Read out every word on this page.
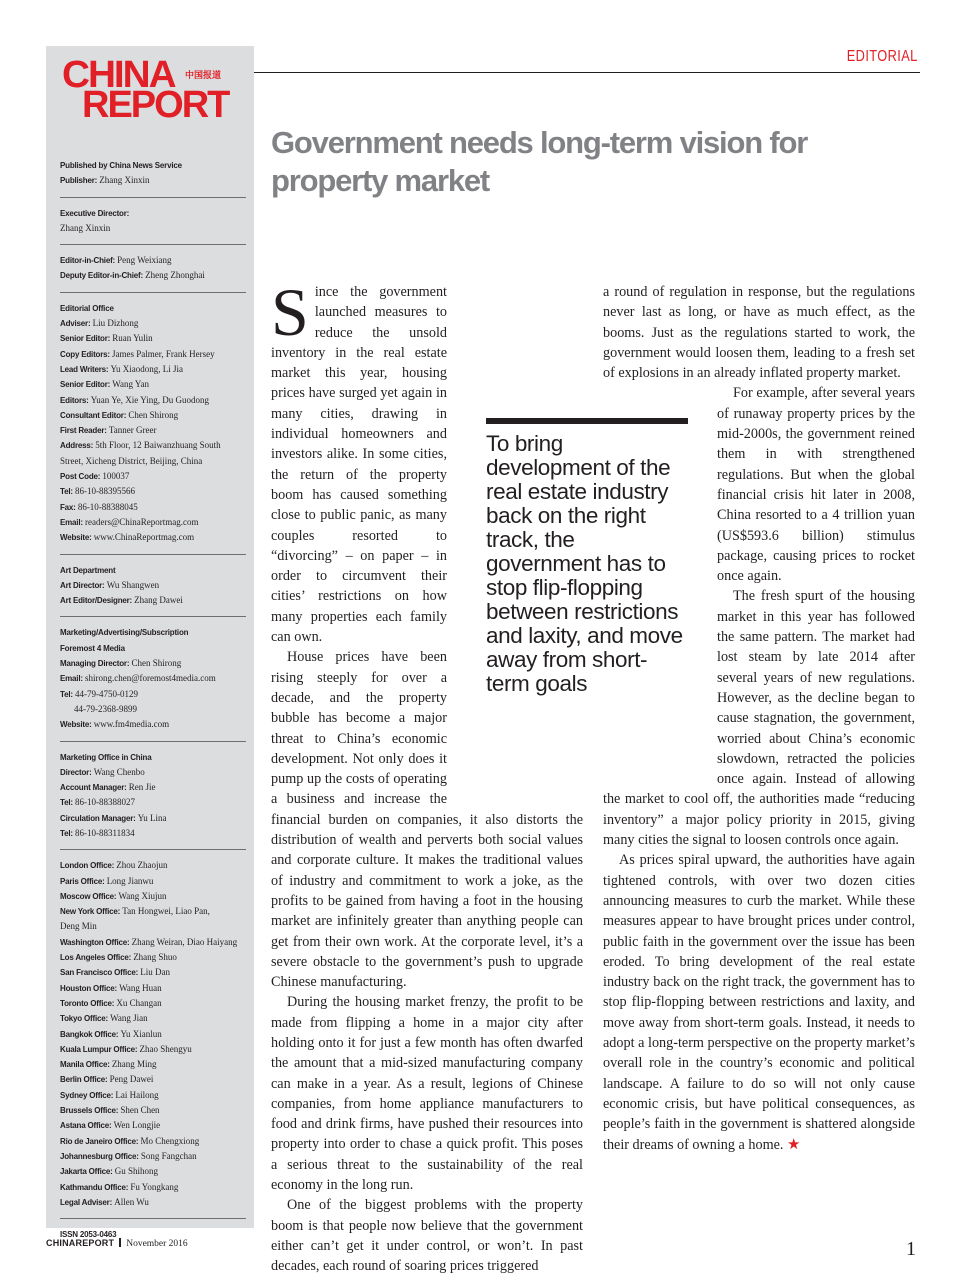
CHINA 中国报道
REPORT
Published by China News Service
Publisher: Zhang Xinxin
Executive Director:
Zhang Xinxin
Editor-in-Chief: Peng Weixiang
Deputy Editor-in-Chief: Zheng Zhonghai
Editorial Office
Adviser: Liu Dizhong
Senior Editor: Ruan Yulin
Copy Editors: James Palmer, Frank Hersey
Lead Writers: Yu Xiaodong, Li Jia
Senior Editor: Wang Yan
Editors: Yuan Ye, Xie Ying, Du Guodong
Consultant Editor: Chen Shirong
First Reader: Tanner Greer
Address: 5th Floor, 12 Baiwanzhuang South
Street, Xicheng District, Beijing, China
Post Code: 100037
Tel: 86-10-88395566
Fax: 86-10-88388045
Email: readers@ChinaReportmag.com
Website: www.ChinaReportmag.com
Art Department
Art Director: Wu Shangwen
Art Editor/Designer: Zhang Dawei
Marketing/Advertising/Subscription
Foremost 4 Media
Managing Director: Chen Shirong
Email: shirong.chen@foremost4media.com
Tel: 44-79-4750-0129
44-79-2368-9899
Website: www.fm4media.com
Marketing Office in China
Director: Wang Chenbo
Account Manager: Ren Jie
Tel: 86-10-88388027
Circulation Manager: Yu Lina
Tel: 86-10-88311834
London Office: Zhou Zhaojun
Paris Office: Long Jianwu
Moscow Office: Wang Xiujun
New York Office: Tan Hongwei, Liao Pan,
Deng Min
Washington Office: Zhang Weiran, Diao Haiyang
Los Angeles Office: Zhang Shuo
San Francisco Office: Liu Dan
Houston Office: Wang Huan
Toronto Office: Xu Changan
Tokyo Office: Wang Jian
Bangkok Office: Yu Xianlun
Kuala Lumpur Office: Zhao Shengyu
Manila Office: Zhang Ming
Berlin Office: Peng Dawei
Sydney Office: Lai Hailong
Brussels Office: Shen Chen
Astana Office: Wen Longjie
Rio de Janeiro Office: Mo Chengxiong
Johannesburg Office: Song Fangchan
Jakarta Office: Gu Shihong
Kathmandu Office: Fu Yongkang
Legal Adviser: Allen Wu
ISSN 2053-0463
EDITORIAL
Government needs long-term vision for property market

Since the government launched measures to reduce the unsold inventory in the real estate market this year, housing prices have surged yet again in many cities, drawing in individual homeowners and investors alike. In some cities, the return of the property boom has caused something close to public panic, as many couples resorted to “divorcing” – on paper – in order to circumvent their cities’ restrictions on how many properties each family can own.

House prices have been rising steeply for over a decade, and the property bubble has become a major threat to China’s economic development. Not only does it pump up the costs of operating a business and increase the financial burden on companies, it also distorts the distribution of wealth and perverts both social values and corporate culture. It makes the traditional values of industry and commitment to work a joke, as the profits to be gained from having a foot in the housing market are infinitely greater than anything people can get from their own work. At the corporate level, it’s a severe obstacle to the government’s push to upgrade Chinese manufacturing.

During the housing market frenzy, the profit to be made from flipping a home in a major city after holding onto it for just a few month has often dwarfed the amount that a mid-sized manufacturing company can make in a year. As a result, legions of Chinese companies, from home appliance manufacturers to food and drink firms, have pushed their resources into property into order to chase a quick profit. This poses a serious threat to the sustainability of the real economy in the long run.

One of the biggest problems with the property boom is that people now believe that the government either can’t get it under control, or won’t. In past decades, each round of soaring prices triggered

a round of regulation in response, but the regulations never last as long, or have as much effect, as the booms. Just as the regulations started to work, the government would loosen them, leading to a fresh set of explosions in an already inflated property market.

For example, after several years of runaway property prices by the mid-2000s, the government reined them in with strengthened regulations. But when the global financial crisis hit later in 2008, China resorted to a 4 trillion yuan (US$593.6 billion) stimulus package, causing prices to rocket once again.

The fresh spurt of the housing market in this year has followed the same pattern. The market had lost steam by late 2014 after several years of new regulations. However, as the decline began to cause stagnation, the government, worried about China’s economic slowdown, retracted the policies once again. Instead of allowing the market to cool off, the authorities made “reducing inventory” a major policy priority in 2015, giving many cities the signal to loosen controls once again.

As prices spiral upward, the authorities have again tightened controls, with over two dozen cities announcing measures to curb the market. While these measures appear to have brought prices under control, public faith in the government over the issue has been eroded. To bring development of the real estate industry back on the right track, the government has to stop flip-flopping between restrictions and laxity, and move away from short-term goals. Instead, it needs to adopt a long-term perspective on the property market’s overall role in the country’s economic and political landscape. A failure to do so will not only cause economic crisis, but have political consequences, as people’s faith in the government is shattered alongside their dreams of owning a home. ★

To bring development of the real estate industry back on the right track, the government has to stop flip-flopping between restrictions and laxity, and move away from short-term goals
CHINAREPORT November 2016	1
